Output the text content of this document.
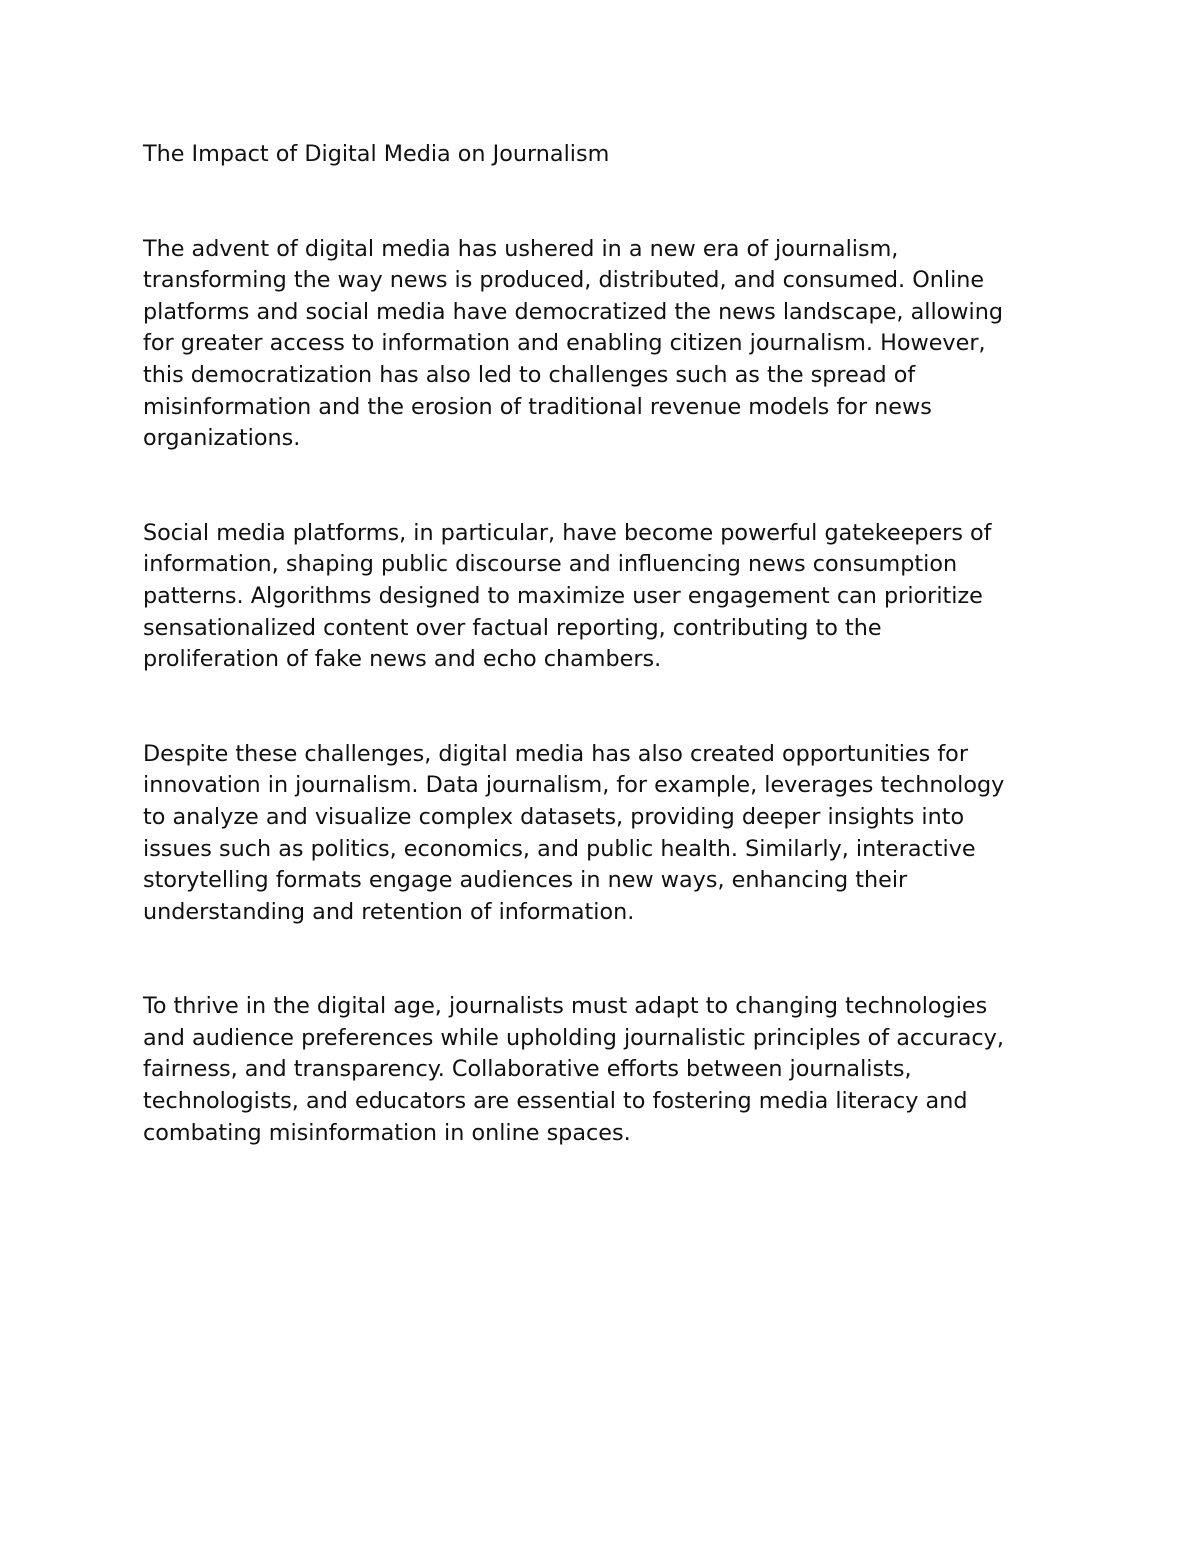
The Impact of Digital Media on Journalism
The advent of digital media has ushered in a new era of journalism,
transforming the way news is produced, distributed, and consumed. Online
platforms and social media have democratized the news landscape, allowing
for greater access to information and enabling citizen journalism. However,
this democratization has also led to challenges such as the spread of
misinformation and the erosion of traditional revenue models for news
organizations.
Social media platforms, in particular, have become powerful gatekeepers of
information, shaping public discourse and influencing news consumption
patterns. Algorithms designed to maximize user engagement can prioritize
sensationalized content over factual reporting, contributing to the
proliferation of fake news and echo chambers.
Despite these challenges, digital media has also created opportunities for
innovation in journalism. Data journalism, for example, leverages technology
to analyze and visualize complex datasets, providing deeper insights into
issues such as politics, economics, and public health. Similarly, interactive
storytelling formats engage audiences in new ways, enhancing their
understanding and retention of information.
To thrive in the digital age, journalists must adapt to changing technologies
and audience preferences while upholding journalistic principles of accuracy,
fairness, and transparency. Collaborative efforts between journalists,
technologists, and educators are essential to fostering media literacy and
combating misinformation in online spaces.
